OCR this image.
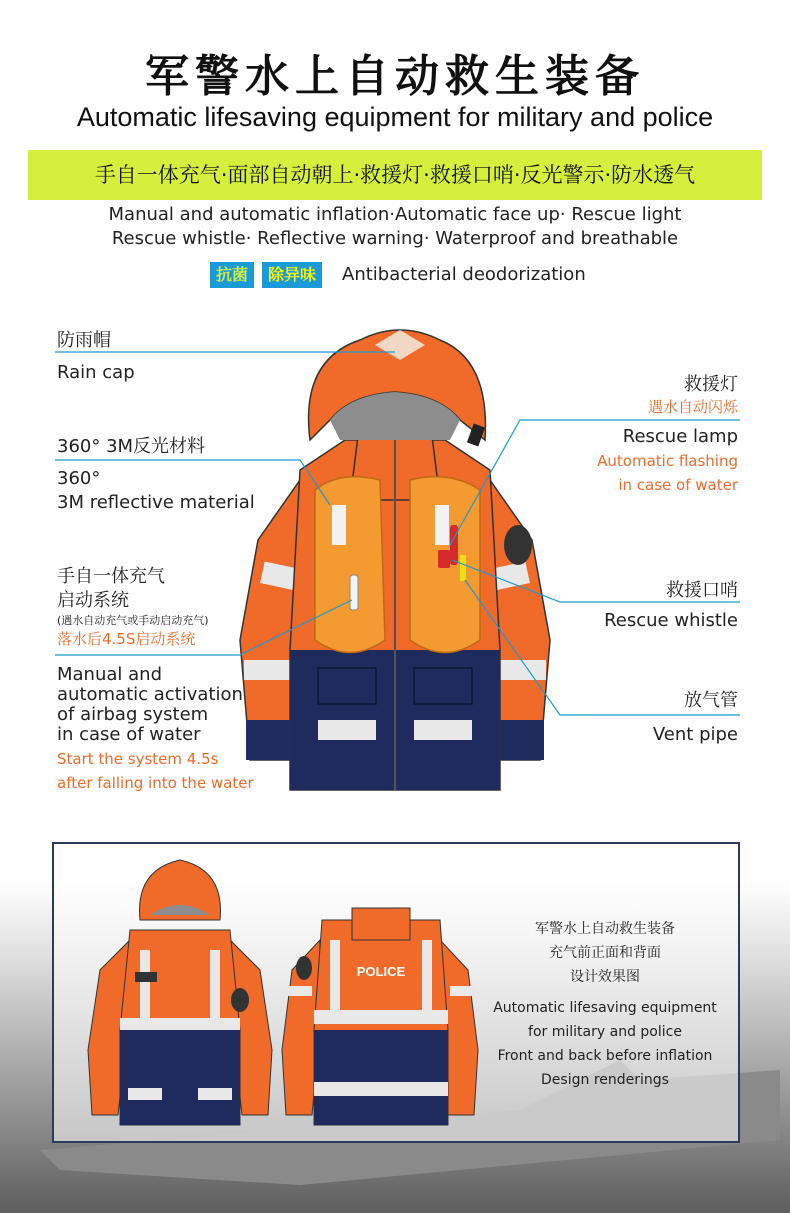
军警水上自动救生装备
Automatic lifesaving equipment for military and police
手自一体充气·面部自动朝上·救援灯·救援口哨·反光警示·防水透气
Manual and automatic inflation·Automatic face up· Rescue light
Rescue whistle· Reflective warning· Waterproof and breathable
抗菌	除异味	Antibacterial deodorization
防雨帽
Rain cap
360° 3M反光材料
360°
3M reflective material
手自一体充气
启动系统
(遇水自动充气或手动启动充气)
落水后4.5S启动系统
Manual and
automatic activation
of airbag system
in case of water
Start the system 4.5s
after falling into the water
救援灯
遇水自动闪烁
Rescue lamp
Automatic flashing
in case of water
救援口哨
Rescue whistle
放气管
Vent pipe
POLICE
军警水上自动救生装备
充气前正面和背面
设计效果图
Automatic lifesaving equipment
for military and police
Front and back before inflation
Design renderings
